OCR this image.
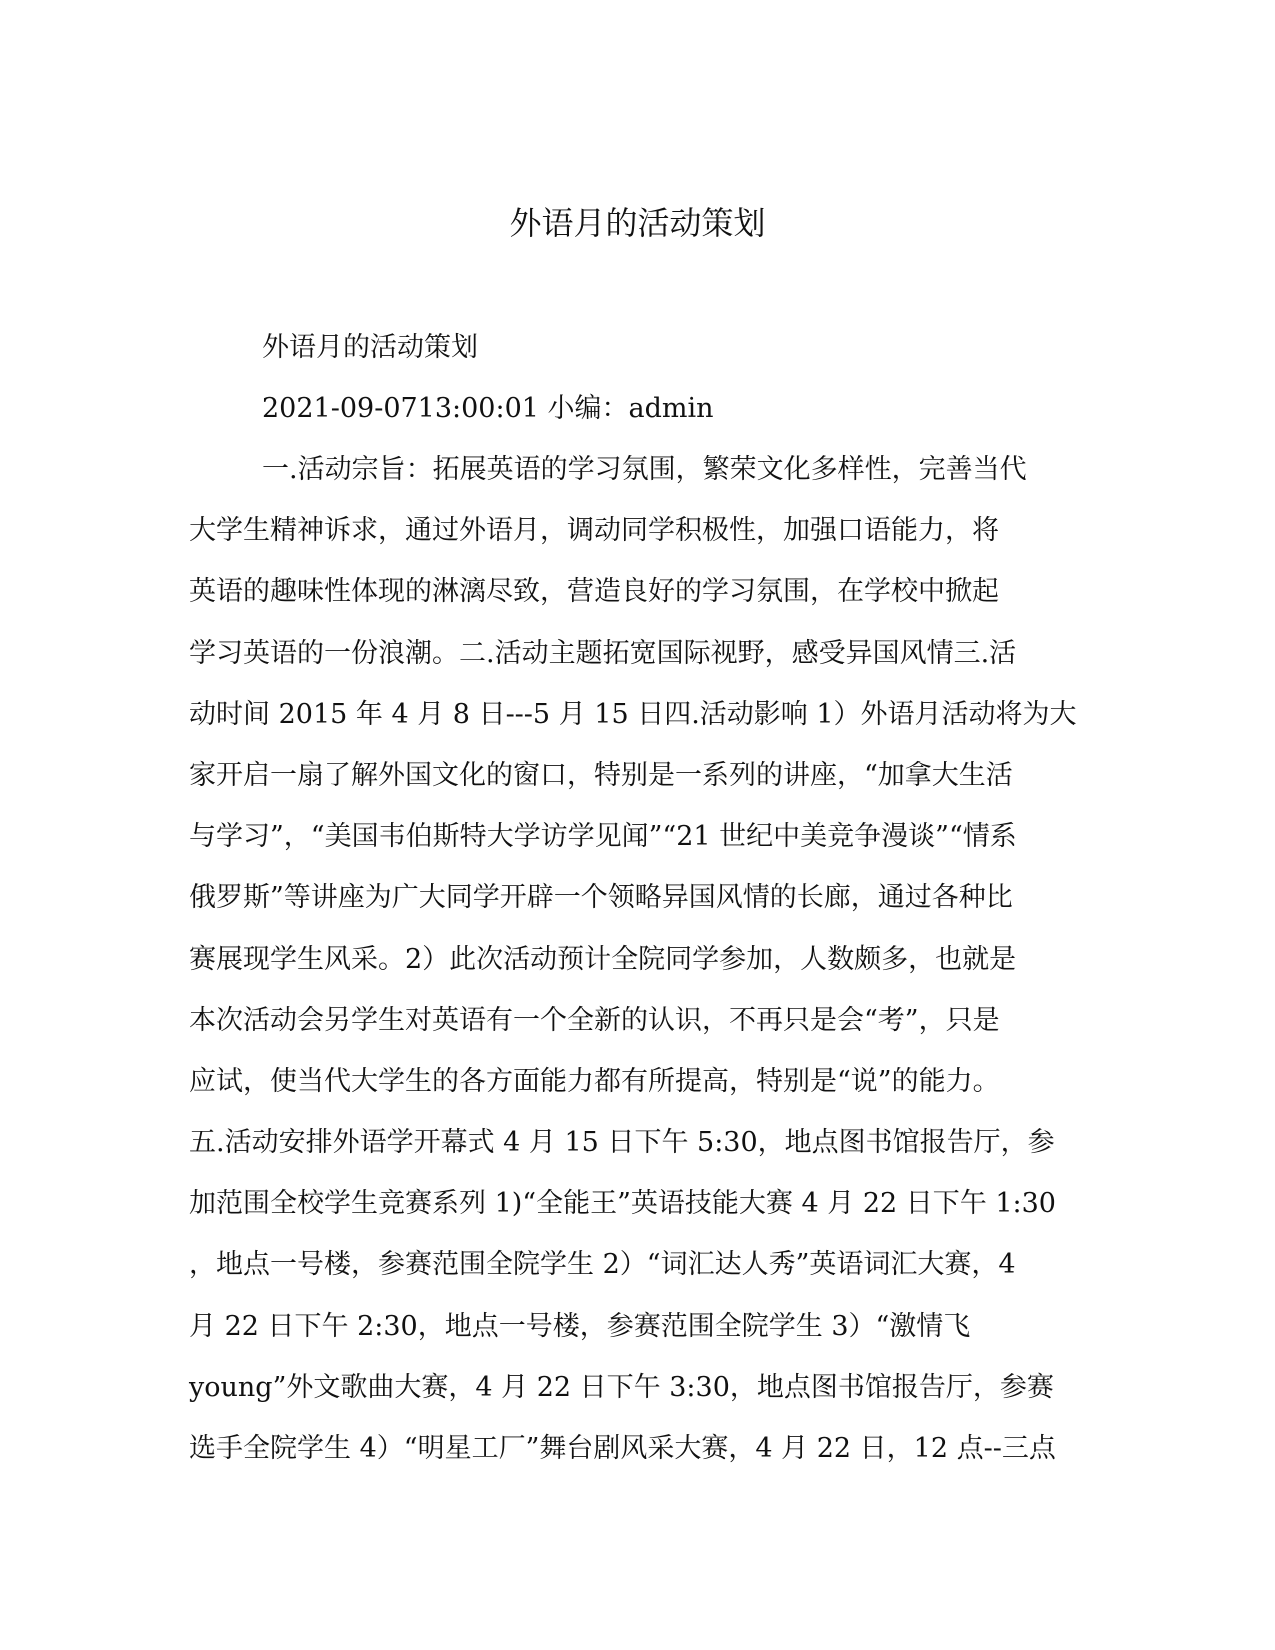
外语月的活动策划

外语月的活动策划

2021-09-0713:00:01 小编：admin

一.活动宗旨：拓展英语的学习氛围，繁荣文化多样性，完善当代
大学生精神诉求，通过外语月，调动同学积极性，加强口语能力，将
英语的趣味性体现的淋漓尽致，营造良好的学习氛围，在学校中掀起
学习英语的一份浪潮。二.活动主题拓宽国际视野，感受异国风情三.活
动时间 2015 年 4 月 8 日---5 月 15 日四.活动影响 1）外语月活动将为大
家开启一扇了解外国文化的窗口，特别是一系列的讲座，“加拿大生活
与学习”，“美国韦伯斯特大学访学见闻”“21 世纪中美竞争漫谈”“情系
俄罗斯”等讲座为广大同学开辟一个领略异国风情的长廊，通过各种比
赛展现学生风采。2）此次活动预计全院同学参加，人数颇多，也就是
本次活动会另学生对英语有一个全新的认识，不再只是会“考”，只是
应试，使当代大学生的各方面能力都有所提高，特别是“说”的能力。
五.活动安排外语学开幕式 4 月 15 日下午 5:30，地点图书馆报告厅，参
加范围全校学生竞赛系列 1)“全能王”英语技能大赛 4 月 22 日下午 1:30
，地点一号楼，参赛范围全院学生 2）“词汇达人秀”英语词汇大赛，4
月 22 日下午 2:30，地点一号楼，参赛范围全院学生 3）“激情飞
young”外文歌曲大赛，4 月 22 日下午 3:30，地点图书馆报告厅，参赛
选手全院学生 4）“明星工厂”舞台剧风采大赛，4 月 22 日，12 点--三点
